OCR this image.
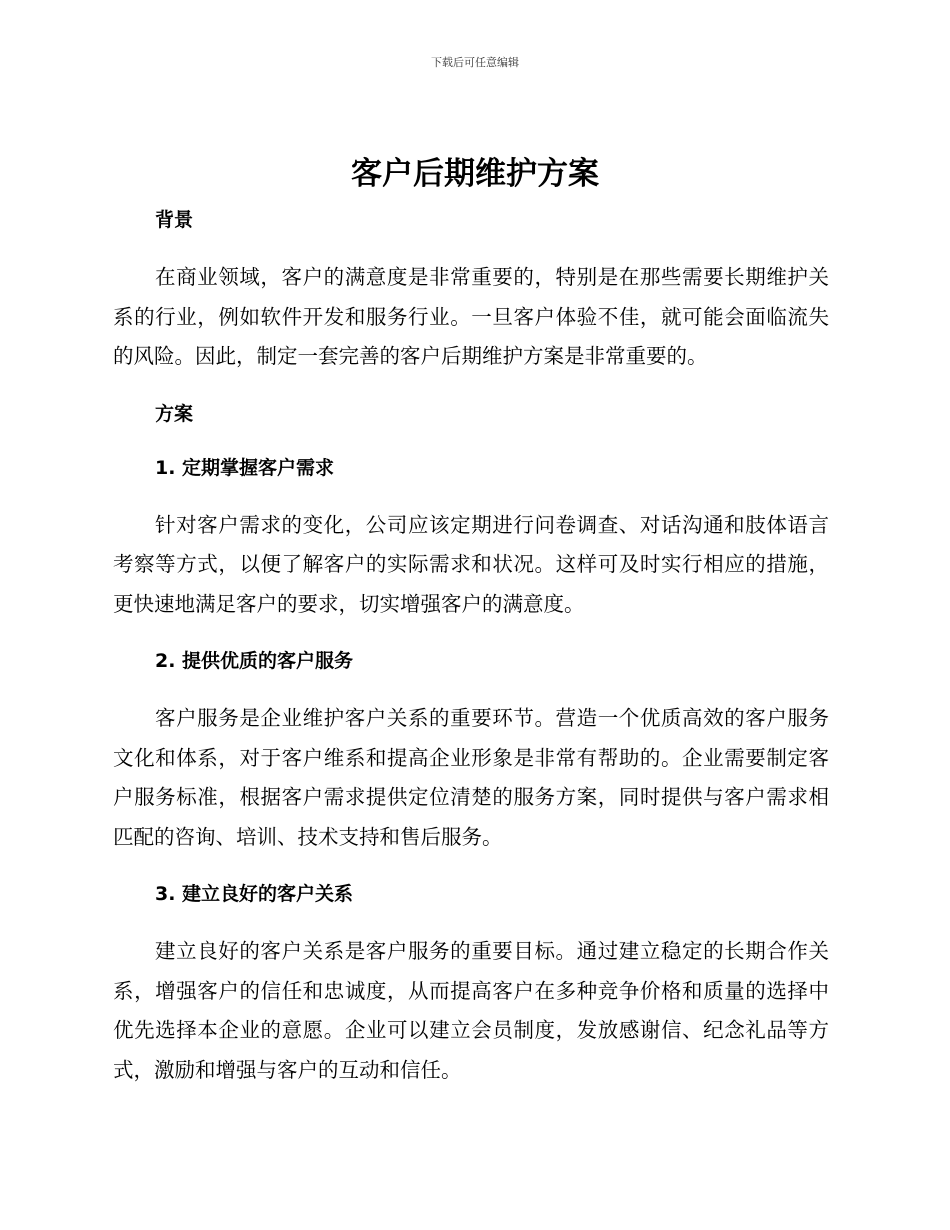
下载后可任意编辑
客户后期维护方案
背景

在商业领域，客户的满意度是非常重要的，特别是在那些需要长期维护关系的行业，例如软件开发和服务行业。一旦客户体验不佳，就可能会面临流失的风险。因此，制定一套完善的客户后期维护方案是非常重要的。

方案
1. 定期掌握客户需求

针对客户需求的变化，公司应该定期进行问卷调查、对话沟通和肢体语言考察等方式，以便了解客户的实际需求和状况。这样可及时实行相应的措施，更快速地满足客户的要求，切实增强客户的满意度。

2. 提供优质的客户服务

客户服务是企业维护客户关系的重要环节。营造一个优质高效的客户服务文化和体系，对于客户维系和提高企业形象是非常有帮助的。企业需要制定客户服务标准，根据客户需求提供定位清楚的服务方案，同时提供与客户需求相匹配的咨询、培训、技术支持和售后服务。

3. 建立良好的客户关系

建立良好的客户关系是客户服务的重要目标。通过建立稳定的长期合作关系，增强客户的信任和忠诚度，从而提高客户在多种竞争价格和质量的选择中优先选择本企业的意愿。企业可以建立会员制度，发放感谢信、纪念礼品等方式，激励和增强与客户的互动和信任。
